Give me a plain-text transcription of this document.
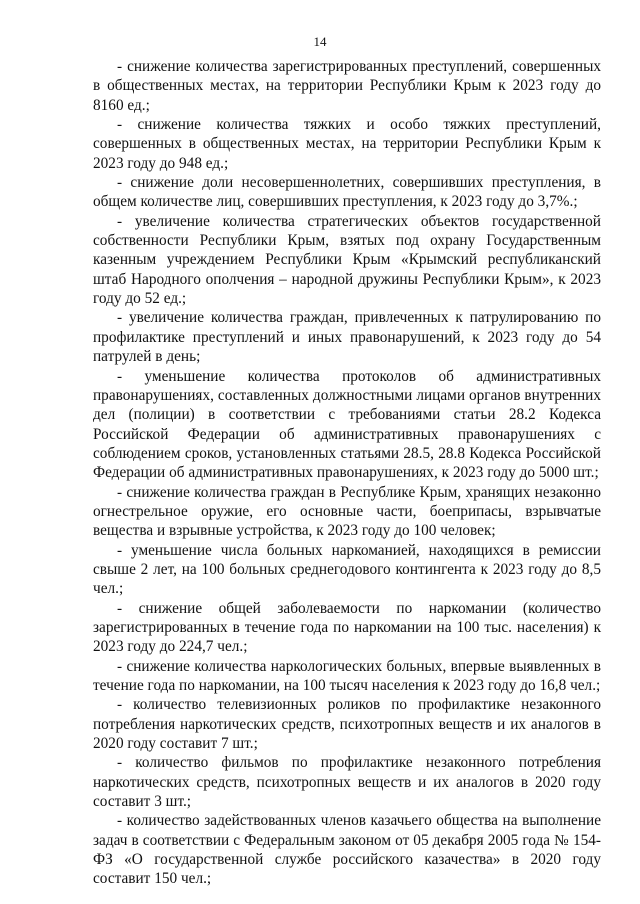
14

- снижение количества зарегистрированных преступлений, совершенных в общественных местах, на территории Республики Крым к 2023 году до 8160 ед.;

- снижение количества тяжких и особо тяжких преступлений, совершенных в общественных местах, на территории Республики Крым к 2023 году до 948 ед.;

- снижение доли несовершеннолетних, совершивших преступления, в общем количестве лиц, совершивших преступления, к 2023 году до 3,7%.;

- увеличение количества стратегических объектов государственной собственности Республики Крым, взятых под охрану Государственным казенным учреждением Республики Крым «Крымский республиканский штаб Народного ополчения – народной дружины Республики Крым», к 2023 году до 52 ед.;

- увеличение количества граждан, привлеченных к патрулированию по профилактике преступлений и иных правонарушений, к 2023 году до 54 патрулей в день;

- уменьшение количества протоколов об административных правонарушениях, составленных должностными лицами органов внутренних дел (полиции) в соответствии с требованиями статьи 28.2 Кодекса Российской Федерации об административных правонарушениях с соблюдением сроков, установленных статьями 28.5, 28.8 Кодекса Российской Федерации об административных правонарушениях, к 2023 году до 5000 шт.;

- снижение количества граждан в Республике Крым, хранящих незаконно огнестрельное оружие, его основные части, боеприпасы, взрывчатые вещества и взрывные устройства, к 2023 году до 100 человек;

- уменьшение числа больных наркоманией, находящихся в ремиссии свыше 2 лет, на 100 больных среднегодового контингента к 2023 году до 8,5 чел.;

- снижение общей заболеваемости по наркомании (количество зарегистрированных в течение года по наркомании на 100 тыс. населения) к 2023 году до 224,7 чел.;

- снижение количества наркологических больных, впервые выявленных в течение года по наркомании, на 100 тысяч населения к 2023 году до 16,8 чел.;

- количество телевизионных роликов по профилактике незаконного потребления наркотических средств, психотропных веществ и их аналогов в 2020 году составит 7 шт.;

- количество фильмов по профилактике незаконного потребления наркотических средств, психотропных веществ и их аналогов в 2020 году составит 3 шт.;

- количество задействованных членов казачьего общества на выполнение задач в соответствии с Федеральным законом от 05 декабря 2005 года № 154-ФЗ «О государственной службе российского казачества» в 2020 году составит 150 чел.;
